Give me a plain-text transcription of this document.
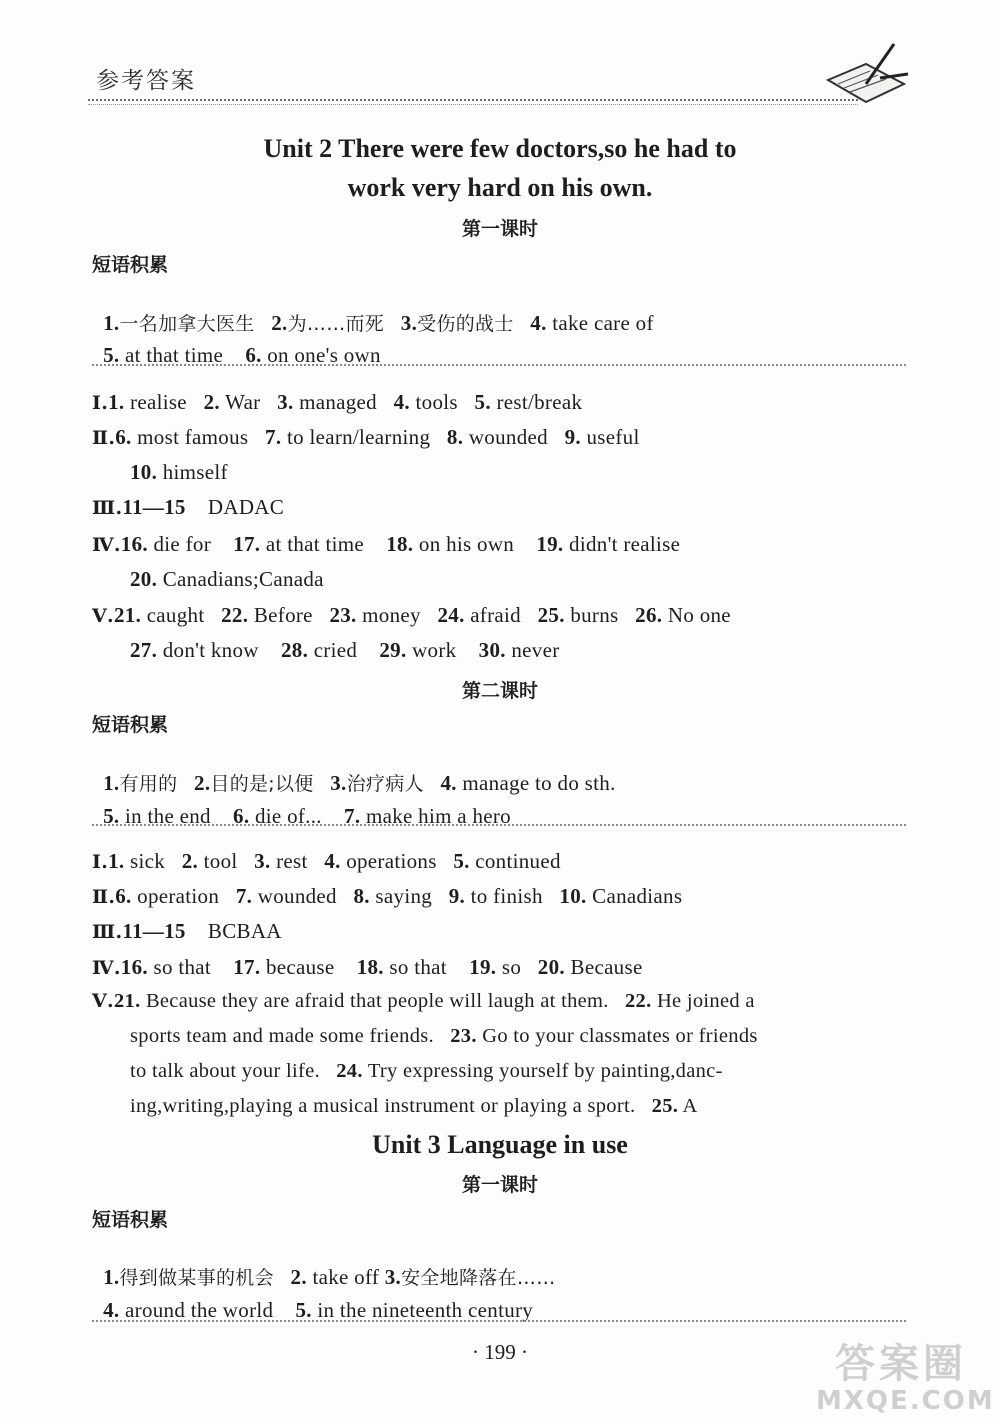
参考答案
Unit 2 There were few doctors,so he had to
work very hard on his own.
第一课时
短语积累

1.一名加拿大医生 2.为……而死 3.受伤的战士 4. take care of

5. at that time 6. on one's own

Ⅰ.1. realise 2. War 3. managed 4. tools 5. rest/break
Ⅱ.6. most famous 7. to learn/learning 8. wounded 9. useful
10. himself
Ⅲ.11—15 DADAC
Ⅳ.16. die for 17. at that time 18. on his own 19. didn't realise
20. Canadians;Canada
Ⅴ.21. caught 22. Before 23. money 24. afraid 25. burns 26. No one
27. don't know 28. cried 29. work 30. never
第二课时
短语积累

1.有用的 2.目的是;以便 3.治疗病人 4. manage to do sth.

5. in the end 6. die of... 7. make him a hero

Ⅰ.1. sick 2. tool 3. rest 4. operations 5. continued
Ⅱ.6. operation 7. wounded 8. saying 9. to finish 10. Canadians
Ⅲ.11—15 BCBAA
Ⅳ.16. so that 17. because 18. so that 19. so 20. Because
Ⅴ.21. Because they are afraid that people will laugh at them. 22. He joined a
sports team and made some friends. 23. Go to your classmates or friends
to talk about your life. 24. Try expressing yourself by painting,danc-
ing,writing,playing a musical instrument or playing a sport. 25. A
Unit 3 Language in use
第一课时
短语积累

1.得到做某事的机会 2. take off 3.安全地降落在……

4. around the world 5. in the nineteenth century

· 199 ·	答案圈
MXQE.COM
